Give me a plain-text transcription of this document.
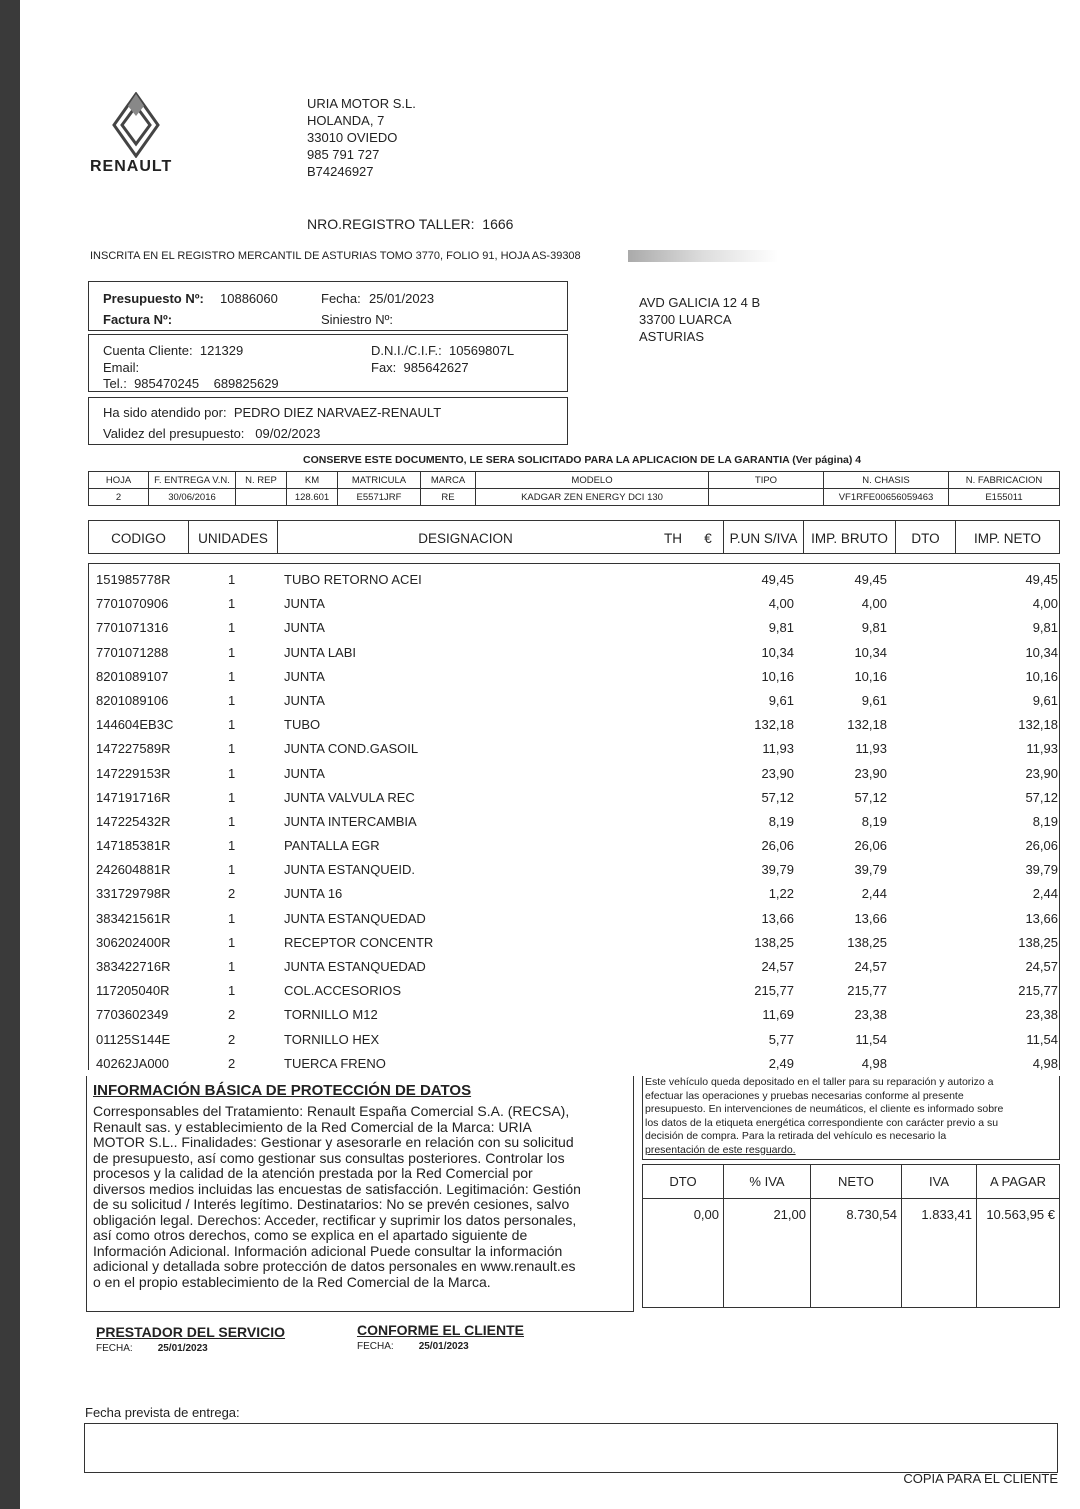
RENAULT
URIA MOTOR S.L.
HOLANDA, 7
33010 OVIEDO
985 791 727
B74246927
NRO.REGISTRO TALLER: 1666
INSCRITA EN EL REGISTRO MERCANTIL DE ASTURIAS TOMO 3770, FOLIO 91, HOJA AS-39308
Presupuesto Nº: 10886060	Fecha: 25/01/2023
Factura Nº:	Siniestro Nº:
Cuenta Cliente: 121329	D.N.I./C.I.F.: 10569807L
Email:	Fax: 985642627
Tel.: 985470245    689825629
Ha sido atendido por: PEDRO DIEZ NARVAEZ-RENAULT
Validez del presupuesto: 09/02/2023
AVD GALICIA 12 4 B
33700 LUARCA
ASTURIAS
CONSERVE ESTE DOCUMENTO, LE SERA SOLICITADO PARA LA APLICACION DE LA GARANTIA (Ver página) 4
HOJA	F. ENTREGA V.N.	N. REP	KM	MATRICULA	MARCA	MODELO	TIPO	N. CHASIS	N. FABRICACION
2	30/06/2016		128.601	E5571JRF	RE	KADGAR ZEN ENERGY DCI 130		VF1RFE00656059463	E155011
CODIGO	UNIDADES	DESIGNACION	TH	€	P.UN S/IVA	IMP. BRUTO	DTO	IMP. NETO
151985778R	1	TUBO RETORNO ACEI	49,45	49,45	49,45
7701070906	1	JUNTA	4,00	4,00	4,00
7701071316	1	JUNTA	9,81	9,81	9,81
7701071288	1	JUNTA LABI	10,34	10,34	10,34
8201089107	1	JUNTA	10,16	10,16	10,16
8201089106	1	JUNTA	9,61	9,61	9,61
144604EB3C	1	TUBO	132,18	132,18	132,18
147227589R	1	JUNTA COND.GASOIL	11,93	11,93	11,93
147229153R	1	JUNTA	23,90	23,90	23,90
147191716R	1	JUNTA VALVULA REC	57,12	57,12	57,12
147225432R	1	JUNTA INTERCAMBIA	8,19	8,19	8,19
147185381R	1	PANTALLA EGR	26,06	26,06	26,06
242604881R	1	JUNTA ESTANQUEID.	39,79	39,79	39,79
331729798R	2	JUNTA 16	1,22	2,44	2,44
383421561R	1	JUNTA ESTANQUEDAD	13,66	13,66	13,66
306202400R	1	RECEPTOR CONCENTR	138,25	138,25	138,25
383422716R	1	JUNTA ESTANQUEDAD	24,57	24,57	24,57
117205040R	1	COL.ACCESORIOS	215,77	215,77	215,77
7703602349	2	TORNILLO M12	11,69	23,38	23,38
01125S144E	2	TORNILLO HEX	5,77	11,54	11,54
40262JA000	2	TUERCA FRENO	2,49	4,98	4,98
INFORMACIÓN BÁSICA DE PROTECCIÓN DE DATOS
Corresponsables del Tratamiento: Renault España Comercial S.A. (RECSA),
Renault sas. y establecimiento de la Red Comercial de la Marca: URIA
MOTOR S.L.. Finalidades: Gestionar y asesorarle en relación con su solicitud
de presupuesto, así como gestionar sus consultas posteriores. Controlar los
procesos y la calidad de la atención prestada por la Red Comercial por
diversos medios incluidas las encuestas de satisfacción. Legitimación: Gestión
de su solicitud / Interés legítimo. Destinatarios: No se prevén cesiones, salvo
obligación legal. Derechos: Acceder, rectificar y suprimir los datos personales,
así como otros derechos, como se explica en el apartado siguiente de
Información Adicional. Información adicional Puede consultar la información
adicional y detallada sobre protección de datos personales en www.renault.es
o en el propio establecimiento de la Red Comercial de la Marca.
Este vehículo queda depositado en el taller para su reparación y autorizo a
efectuar las operaciones y pruebas necesarias conforme al presente
presupuesto. En intervenciones de neumáticos, el cliente es informado sobre
los datos de la etiqueta energética correspondiente con carácter previo a su
decisión de compra. Para la retirada del vehículo es necesario la
presentación de este resguardo.
DTO	% IVA	NETO	IVA	A PAGAR
0,00	21,00	8.730,54	1.833,41	10.563,95 €
PRESTADOR DEL SERVICIO
FECHA:	25/01/2023
CONFORME EL CLIENTE
FECHA:	25/01/2023
Fecha prevista de entrega:
COPIA PARA EL CLIENTE
